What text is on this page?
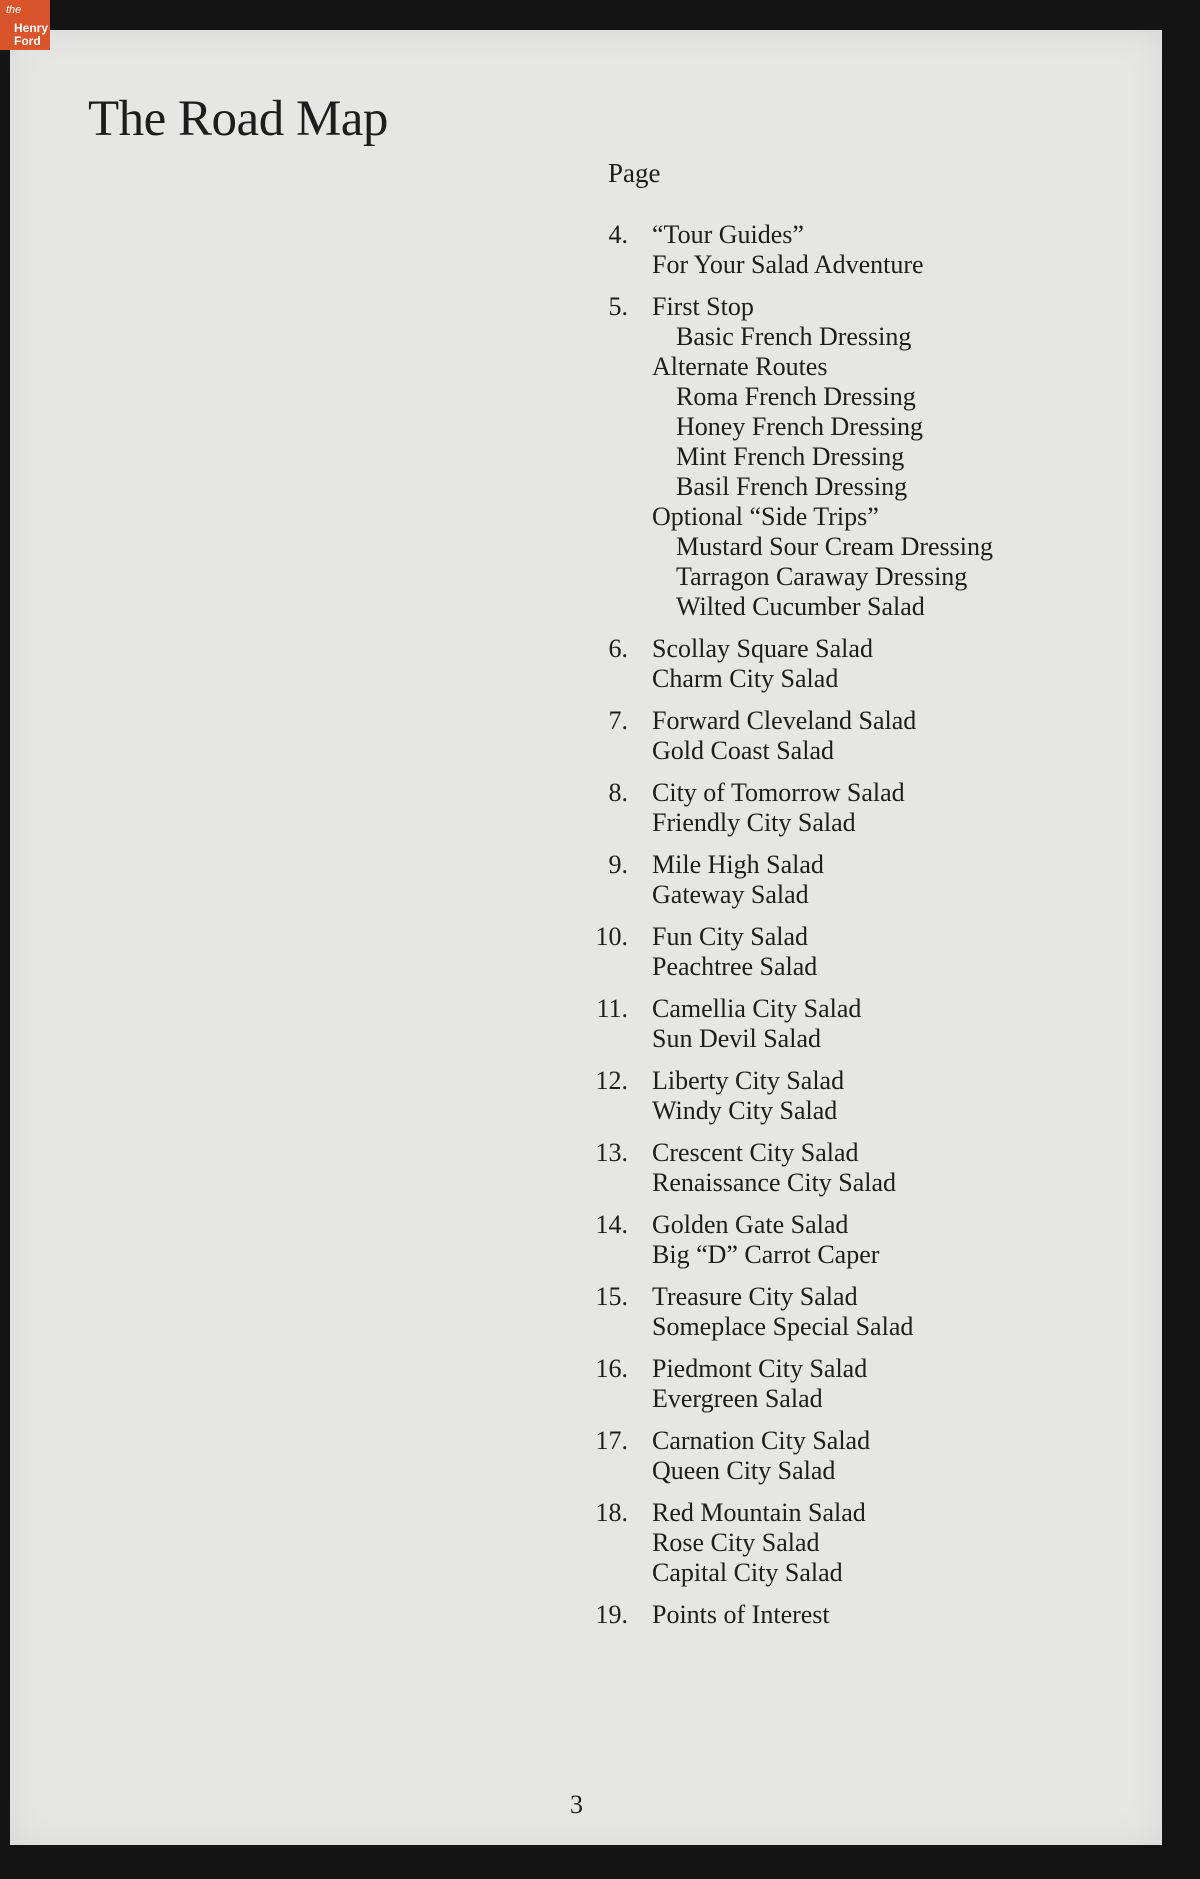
The Road Map
Page
4. “Tour Guides”
For Your Salad Adventure
5. First Stop
Basic French Dressing
Alternate Routes
Roma French Dressing
Honey French Dressing
Mint French Dressing
Basil French Dressing
Optional “Side Trips”
Mustard Sour Cream Dressing
Tarragon Caraway Dressing
Wilted Cucumber Salad
6. Scollay Square Salad
Charm City Salad
7. Forward Cleveland Salad
Gold Coast Salad
8. City of Tomorrow Salad
Friendly City Salad
9. Mile High Salad
Gateway Salad
10. Fun City Salad
Peachtree Salad
11. Camellia City Salad
Sun Devil Salad
12. Liberty City Salad
Windy City Salad
13. Crescent City Salad
Renaissance City Salad
14. Golden Gate Salad
Big “D” Carrot Caper
15. Treasure City Salad
Someplace Special Salad
16. Piedmont City Salad
Evergreen Salad
17. Carnation City Salad
Queen City Salad
18. Red Mountain Salad
Rose City Salad
Capital City Salad
19. Points of Interest
3
the
Henry
Ford
